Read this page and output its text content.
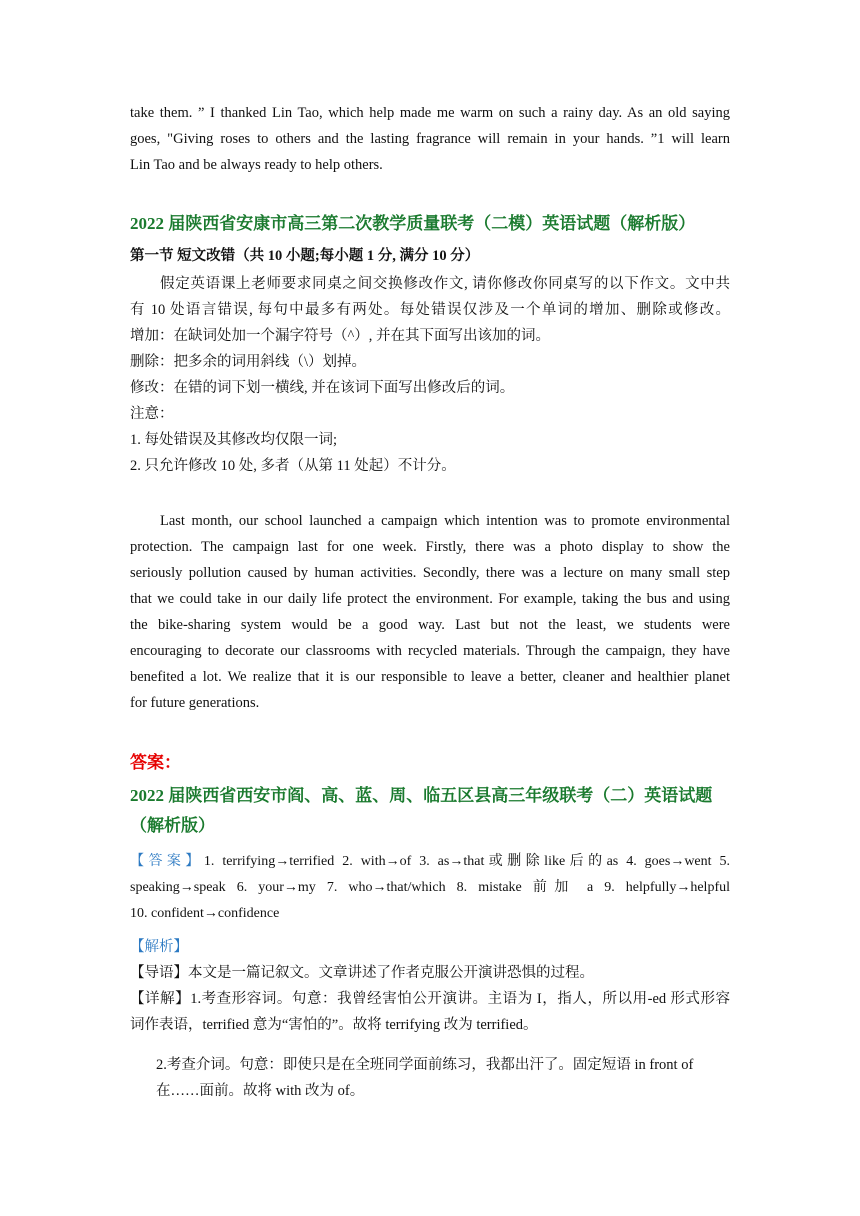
take them. ” I thanked Lin Tao, which help made me warm on such a rainy day. As an old saying
goes, "Giving roses to others and the lasting fragrance will remain in your hands. ”1 will learn
Lin Tao and be always ready to help others.
2022 届陕西省安康市高三第二次教学质量联考（二模）英语试题（解析版）
第一节 短文改错（共 10 小题;每小题 1 分, 满分 10 分）
假定英语课上老师要求同桌之间交换修改作文, 请你修改你同桌写的以下作文。文中共
有 10 处语言错误, 每句中最多有两处。每处错误仅涉及一个单词的增加、删除或修改。
增加：在缺词处加一个漏字符号（^）, 并在其下面写出该加的词。
删除：把多余的词用斜线（\）划掉。
修改：在错的词下划一横线, 并在该词下面写出修改后的词。
注意：
1. 每处错误及其修改均仅限一词;
2. 只允许修改 10 处, 多者（从第 11 处起）不计分。
Last month, our school launched a campaign which intention was to promote environmental
protection. The campaign last for one week. Firstly, there was a photo display to show the
seriously pollution caused by human activities. Secondly, there was a lecture on many small step
that we could take in our daily life protect the environment. For example, taking the bus and using
the bike-sharing system would be a good way. Last but not the least, we students were
encouraging to decorate our classrooms with recycled materials. Through the campaign, they have
benefited a lot. We realize that it is our responsible to leave a better, cleaner and healthier planet
for future generations.
答案：
2022 届陕西省西安市阎、高、蓝、周、临五区县高三年级联考（二）英语试题
（解析版）
【答案】1. terrifying→terrified 2. with→of 3. as→that或删除like后的as 4. goes→went 5.
speaking→speak 6. your→my 7. who→that/which 8. mistake 前加 a 9. helpfully→helpful
10. confident→confidence
【解析】
【导语】本文是一篇记叙文。文章讲述了作者克服公开演讲恐惧的过程。
【详解】1.考查形容词。句意：我曾经害怕公开演讲。主语为 I，指人，所以用-ed 形式形容
词作表语，terrified 意为“害怕的”。故将 terrifying 改为 terrified。
2.考查介词。句意：即使只是在全班同学面前练习，我都出汗了。固定短语 in front of
在……面前。故将 with 改为 of。
